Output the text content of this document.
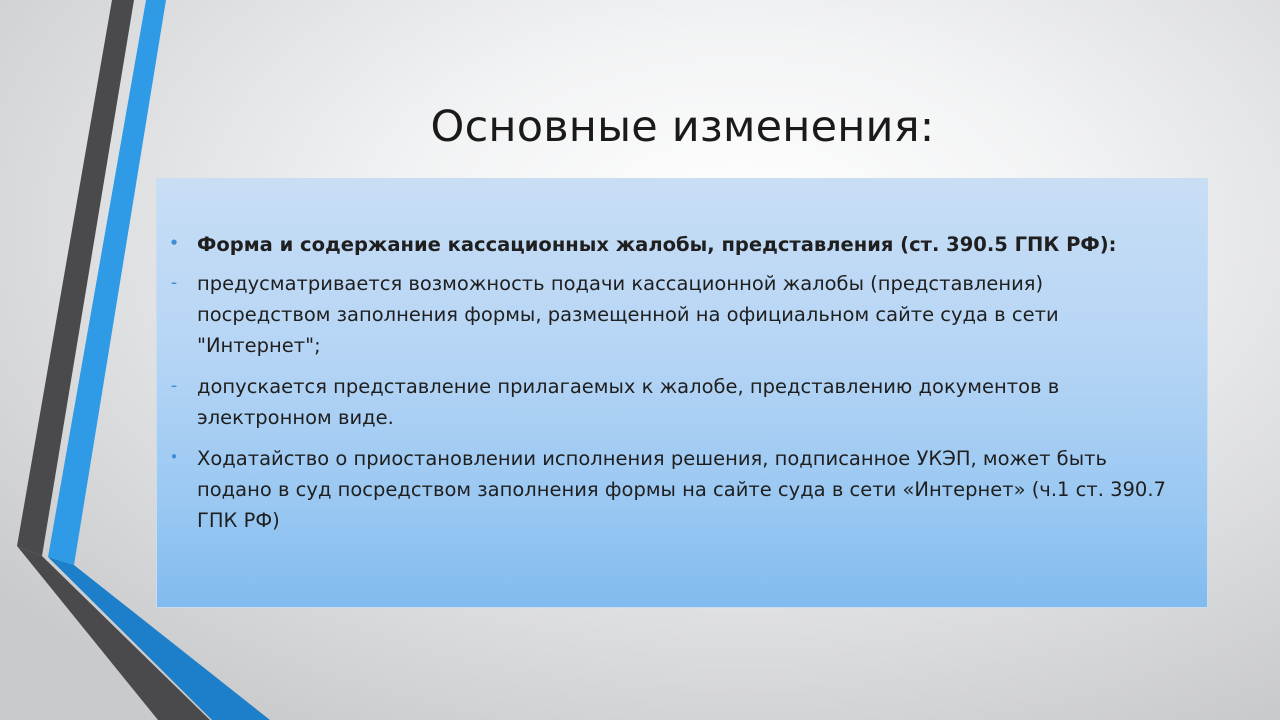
Основные изменения:
• Форма и содержание кассационных жалобы, представления (ст. 390.5 ГПК РФ):
- предусматривается возможность подачи кассационной жалобы (представления) посредством заполнения формы, размещенной на официальном сайте суда в сети "Интернет";
- допускается представление прилагаемых к жалобе, представлению документов в электронном виде.
• Ходатайство о приостановлении исполнения решения, подписанное УКЭП, может быть подано в суд посредством заполнения формы на сайте суда в сети «Интернет» (ч.1 ст. 390.7 ГПК РФ)
